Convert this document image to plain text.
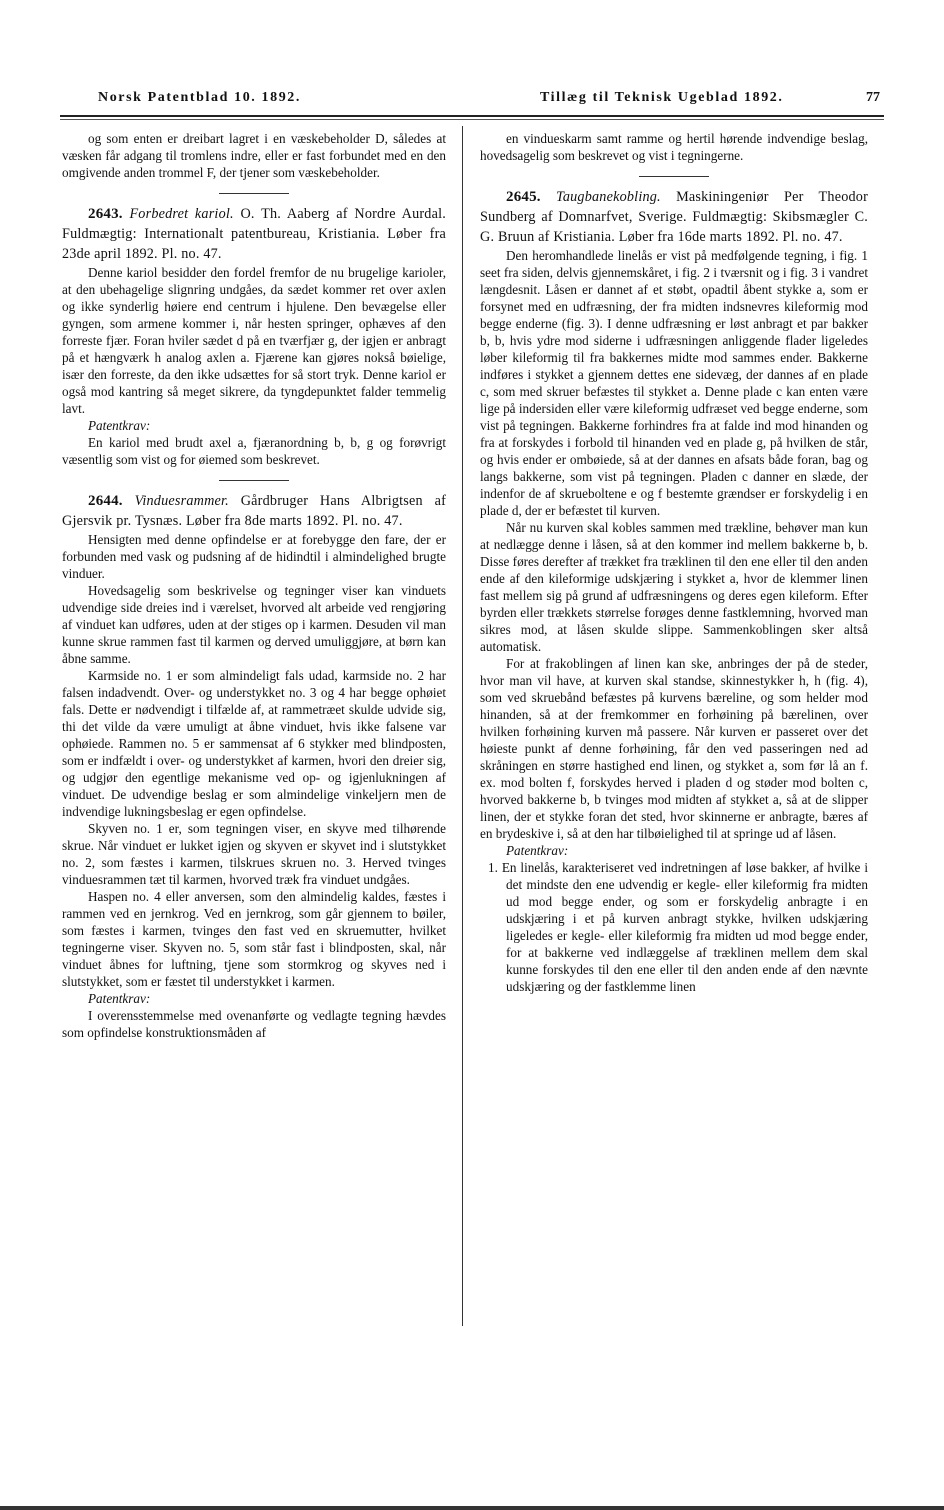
Norsk Patentblad 10. 1892.	Tillæg til Teknisk Ugeblad 1892.	77

og som enten er dreibart lagret i en væskebeholder D, således at væsken får adgang til tromlens indre, eller er fast forbundet med en den omgivende anden trommel F, der tjener som væskebeholder.

2643. Forbedret kariol. O. Th. Aaberg af Nordre Aurdal. Fuldmægtig: Internationalt patentbureau, Kristiania. Løber fra 23de april 1892. Pl. no. 47.

Denne kariol besidder den fordel fremfor de nu brugelige karioler, at den ubehagelige slignring undgåes, da sædet kommer ret over axlen og ikke synderlig høiere end centrum i hjulene. Den bevægelse eller gyngen, som armene kommer i, når hesten springer, ophæves af den forreste fjær. Foran hviler sædet d på en tværfjær g, der igjen er anbragt på et hængværk h analog axlen a. Fjærene kan gjøres nokså bøielige, især den forreste, da den ikke udsættes for så stort tryk. Denne kariol er også mod kantring så meget sikrere, da tyngdepunktet falder temmelig lavt.

Patentkrav:

En kariol med brudt axel a, fjæranordning b, b, g og forøvrigt væsentlig som vist og for øiemed som beskrevet.

2644. Vinduesrammer. Gårdbruger Hans Albrigtsen af Gjersvik pr. Tysnæs. Løber fra 8de marts 1892. Pl. no. 47.

Hensigten med denne opfindelse er at forebygge den fare, der er forbunden med vask og pudsning af de hidindtil i almindelighed brugte vinduer.

Hovedsagelig som beskrivelse og tegninger viser kan vinduets udvendige side dreies ind i værelset, hvorved alt arbeide ved rengjøring af vinduet kan udføres, uden at der stiges op i karmen. Desuden vil man kunne skrue rammen fast til karmen og derved umuliggjøre, at børn kan åbne samme.

Karmside no. 1 er som almindeligt fals udad, karmside no. 2 har falsen indadvendt. Over- og understykket no. 3 og 4 har begge ophøiet fals. Dette er nødvendigt i tilfælde af, at rammetræet skulde udvide sig, thi det vilde da være umuligt at åbne vinduet, hvis ikke falsene var ophøiede. Rammen no. 5 er sammensat af 6 stykker med blindposten, som er indfældt i over- og understykket af karmen, hvori den dreier sig, og udgjør den egentlige mekanisme ved op- og igjenlukningen af vinduet. De udvendige beslag er som almindelige vinkeljern men de indvendige lukningsbeslag er egen opfindelse.

Skyven no. 1 er, som tegningen viser, en skyve med tilhørende skrue. Når vinduet er lukket igjen og skyven er skyvet ind i slutstykket no. 2, som fæstes i karmen, tilskrues skruen no. 3. Herved tvinges vinduesrammen tæt til karmen, hvorved træk fra vinduet undgåes.

Haspen no. 4 eller anversen, som den almindelig kaldes, fæstes i rammen ved en jernkrog. Ved en jernkrog, som går gjennem to bøiler, som fæstes i karmen, tvinges den fast ved en skruemutter, hvilket tegningerne viser. Skyven no. 5, som står fast i blindposten, skal, når vinduet åbnes for luftning, tjene som stormkrog og skyves ned i slutstykket, som er fæstet til understykket i karmen.

Patentkrav:

I overensstemmelse med ovenanførte og vedlagte tegning hævdes som opfindelse konstruktionsmåden af

en vindueskarm samt ramme og hertil hørende indvendige beslag, hovedsagelig som beskrevet og vist i tegningerne.

2645. Taugbanekobling. Maskiningeniør Per Theodor Sundberg af Domnarfvet, Sverige. Fuldmægtig: Skibsmægler C. G. Bruun af Kristiania. Løber fra 16de marts 1892. Pl. no. 47.

Den heromhandlede linelås er vist på medfølgende tegning, i fig. 1 seet fra siden, delvis gjennemskåret, i fig. 2 i tværsnit og i fig. 3 i vandret længdesnit. Låsen er dannet af et støbt, opadtil åbent stykke a, som er forsynet med en udfræsning, der fra midten indsnevres kileformig mod begge enderne (fig. 3). I denne udfræsning er løst anbragt et par bakker b, b, hvis ydre mod siderne i udfræsningen anliggende flader ligeledes løber kileformig til fra bakkernes midte mod sammes ender. Bakkerne indføres i stykket a gjennem dettes ene sidevæg, der dannes af en plade c, som med skruer befæstes til stykket a. Denne plade c kan enten være lige på indersiden eller være kileformig udfræset ved begge enderne, som vist på tegningen. Bakkerne forhindres fra at falde ind mod hinanden og fra at forskydes i forbold til hinanden ved en plade g, på hvilken de står, og hvis ender er ombøiede, så at der dannes en afsats både foran, bag og langs bakkerne, som vist på tegningen. Pladen c danner en slæde, der indenfor de af skrueboltene e og f bestemte grændser er forskydelig i en plade d, der er befæstet til kurven.

Når nu kurven skal kobles sammen med trækline, behøver man kun at nedlægge denne i låsen, så at den kommer ind mellem bakkerne b, b. Disse føres derefter af trækket fra træklinen til den ene eller til den anden ende af den kileformige udskjæring i stykket a, hvor de klemmer linen fast mellem sig på grund af udfræsningens og deres egen kileform. Efter byrden eller trækkets størrelse forøges denne fastklemning, hvorved man sikres mod, at låsen skulde slippe. Sammenkoblingen sker altså automatisk.

For at frakoblingen af linen kan ske, anbringes der på de steder, hvor man vil have, at kurven skal standse, skinnestykker h, h (fig. 4), som ved skruebånd befæstes på kurvens bæreline, og som helder mod hinanden, så at der fremkommer en forhøining på bærelinen, over hvilken forhøining kurven må passere. Når kurven er passeret over det høieste punkt af denne forhøining, får den ved passeringen ned ad skråningen en større hastighed end linen, og stykket a, som før lå an f. ex. mod bolten f, forskydes herved i pladen d og støder mod bolten c, hvorved bakkerne b, b tvinges mod midten af stykket a, så at de slipper linen, der et stykke foran det sted, hvor skinnerne er anbragte, bæres af en brydeskive i, så at den har tilbøielighed til at springe ud af låsen.

Patentkrav:

1. En linelås, karakteriseret ved indretningen af løse bakker, af hvilke i det mindste den ene udvendig er kegle- eller kileformig fra midten ud mod begge ender, og som er forskydelig anbragte i en udskjæring i et på kurven anbragt stykke, hvilken udskjæring ligeledes er kegle- eller kileformig fra midten ud mod begge ender, for at bakkerne ved indlæggelse af træklinen mellem dem skal kunne forskydes til den ene eller til den anden ende af den nævnte udskjæring og der fastklemme linen
